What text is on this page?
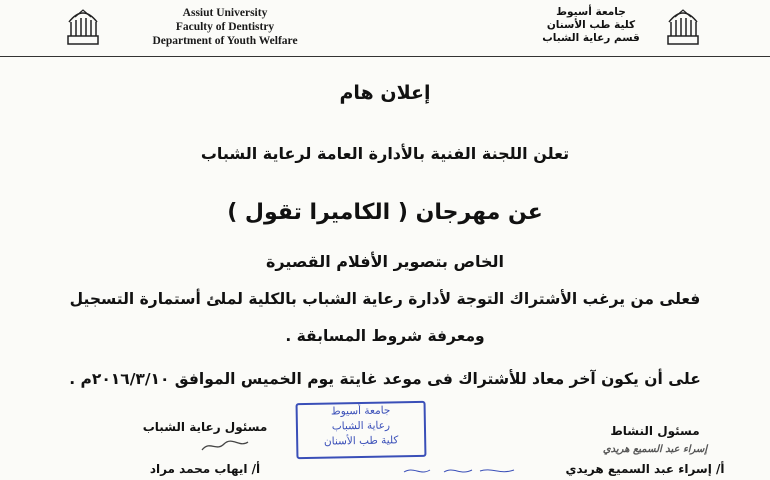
Assiut University
Faculty of Dentistry
Department of Youth Welfare
جامعة أسيوط
كلية طب الأسنان
قسم رعاية الشباب
إعلان هام
تعلن اللجنة الفنية بالأدارة العامة لرعاية الشباب
عن مهرجان ( الكاميرا تقول )
الخاص بتصوير الأفلام القصيرة
فعلى من يرغب الأشتراك التوجة لأدارة رعاية الشباب بالكلية لملئ أستمارة التسجيل
ومعرفة شروط المسابقة .
على أن يكون آخر معاد للأشتراك فى موعد غايتة يوم الخميس الموافق ٢٠١٦/٣/١٠م .
جامعة أسيوط
رعاية الشباب
كلية طب الأسنان
مسئول رعاية الشباب
أ/ ايهاب محمد مراد
مسئول النشاط
إسراء عبد السميع هريدي
أ/ إسراء عبد السميع هريدي
